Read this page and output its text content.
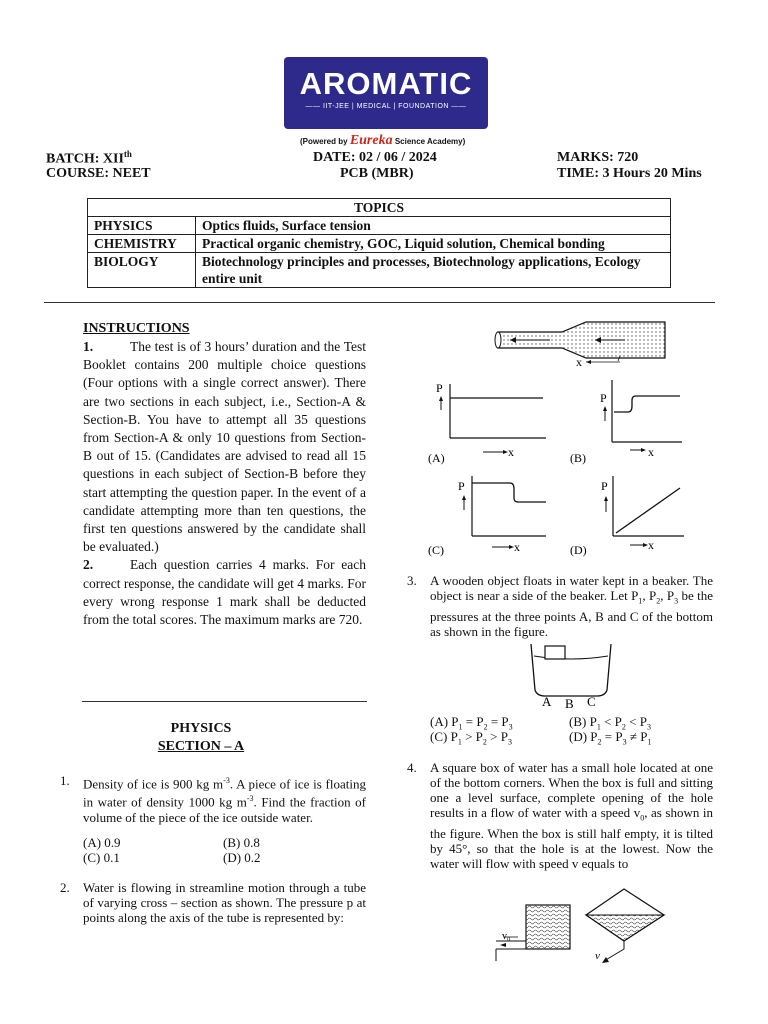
AROMATIC
—— IIT-JEE | MEDICAL | FOUNDATION ——
(Powered by Eureka Science Academy)
BATCH: XIIth
COURSE: NEET
DATE: 02 / 06 / 2024
PCB (MBR)
MARKS: 720
TIME: 3 Hours 20 Mins
TOPICS	
PHYSICS	Optics fluids, Surface tension
CHEMISTRY	Practical organic chemistry, GOC, Liquid solution, Chemical bonding
BIOLOGY	Biotechnology principles and processes, Biotechnology applications, Ecology entire unit
INSTRUCTIONS
1.	The test is of 3 hours’ duration and the Test Booklet contains 200 multiple choice questions (Four options with a single correct answer). There are two sections in each subject, i.e., Section-A & Section-B. You have to attempt all 35 questions from Section-A & only 10 questions from Section- B out of 15. (Candidates are advised to read all 15 questions in each subject of Section-B before they start attempting the question paper. In the event of a candidate attempting more than ten questions, the first ten questions answered by the candidate shall be evaluated.)
2.	Each question carries 4 marks. For each correct response, the candidate will get 4 marks. For every wrong response 1 mark shall be deducted from the total scores. The maximum marks are 720.
PHYSICS
SECTION – A
1.	Density of ice is 900 kg $m^{-3}$. A piece of ice is floating in water of density 1000 kg $m^{-3}$. Find the fraction of volume of the piece of the ice outside water.
(A) 0.9	(B) 0.8
(C) 0.1	(D) 0.2
2.	Water is flowing in streamline motion through a tube of varying cross – section as shown. The pressure p at points along the axis of the tube is represented by:
x
P
(A)	x
P
(B)	x
P
(C)	x
P
(D)	x
3.	A wooden object floats in water kept in a beaker. The object is near a side of the beaker. Let $P_1$, $P_2$, $P_3$ be the pressures at the three points A, B and C of the bottom as shown in the figure.
A B C
(A) $P_1 = P_2 = P_3$	(B) $P_1 < P_2 < P_3$
(C) $P_1 > P_2 > P_3$	(D) $P_2 = P_3 \ne P_1$
4.	A square box of water has a small hole located at one of the bottom corners. When the box is full and sitting one a level surface, complete opening of the hole results in a flow of water with a speed $v_0$, as shown in the figure. When the box is still half empty, it is tilted by 45°, so that the hole is at the lowest. Now the water will flow with speed v equals to
v₀
v
